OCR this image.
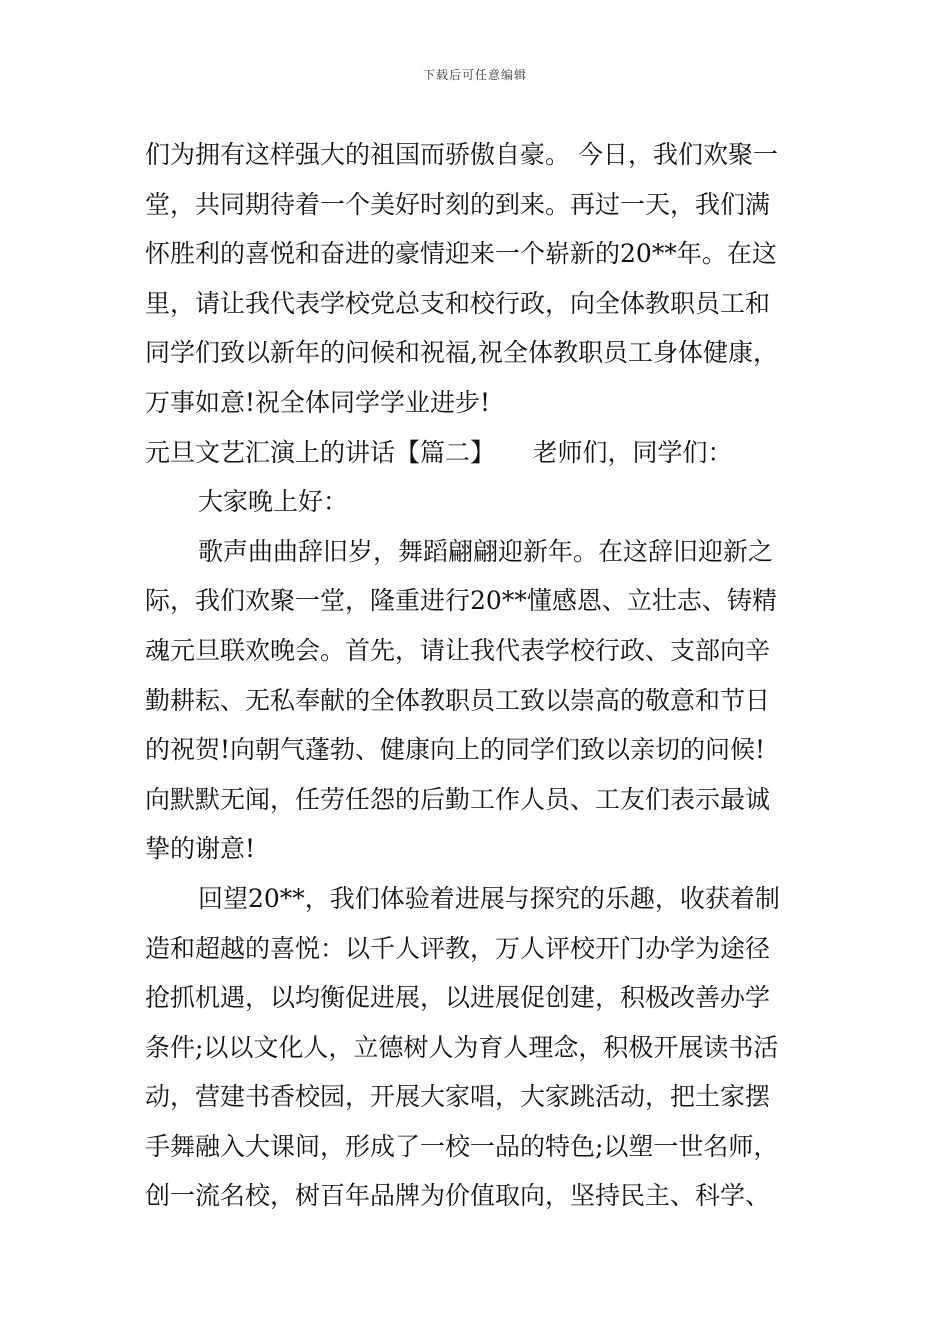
下载后可任意编辑
们为拥有这样强大的祖国而骄傲自豪。 今日，我们欢聚一
堂，共同期待着一个美好时刻的到来。再过一天，我们满
怀胜利的喜悦和奋进的豪情迎来一个崭新的20**年。在这
里，请让我代表学校党总支和校行政，向全体教职员工和
同学们致以新年的问候和祝福,祝全体教职员工身体健康，
万事如意!祝全体同学学业进步!
元旦文艺汇演上的讲话【篇二】　　老师们，同学们：
大家晚上好：
歌声曲曲辞旧岁，舞蹈翩翩迎新年。在这辞旧迎新之
际，我们欢聚一堂，隆重进行20**懂感恩、立壮志、铸精
魂元旦联欢晚会。首先，请让我代表学校行政、支部向辛
勤耕耘、无私奉献的全体教职员工致以崇高的敬意和节日
的祝贺!向朝气蓬勃、健康向上的同学们致以亲切的问候!
向默默无闻，任劳任怨的后勤工作人员、工友们表示最诚
挚的谢意!
回望20**，我们体验着进展与探究的乐趣，收获着制
造和超越的喜悦：以千人评教，万人评校开门办学为途径
抢抓机遇，以均衡促进展，以进展促创建，积极改善办学
条件;以以文化人，立德树人为育人理念，积极开展读书活
动，营建书香校园，开展大家唱，大家跳活动，把土家摆
手舞融入大课间，形成了一校一品的特色;以塑一世名师，
创一流名校，树百年品牌为价值取向，坚持民主、科学、
